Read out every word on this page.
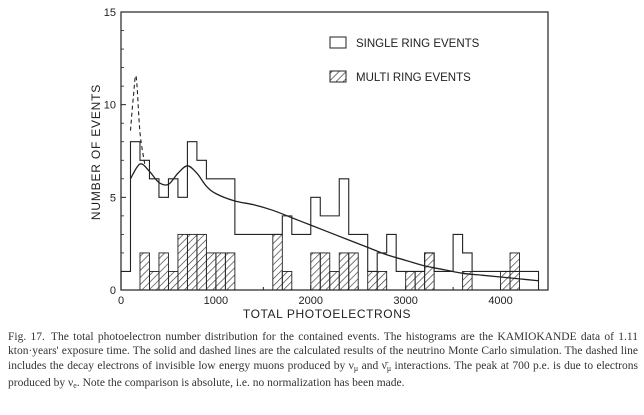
0	1000	2000	3000	4000
0
5
10
15
SINGLE RING EVENTS
MULTI RING EVENTS
TOTAL PHOTOELECTRONS
NUMBER OF EVENTS
Fig. 17. The total photoelectron number distribution for the contained events. The histograms are the KAMIOKANDE data of 1.11 kton·years' exposure time. The solid and dashed lines are the calculated results of the neutrino Monte Carlo simulation. The dashed line includes the decay electrons of invisible low energy muons produced by $\nu_\mu$ and $\nū_\mu$ interactions. The peak at 700 p.e. is due to electrons produced by $\nu_e$. Note the comparison is absolute, i.e. no normalization has been made.
